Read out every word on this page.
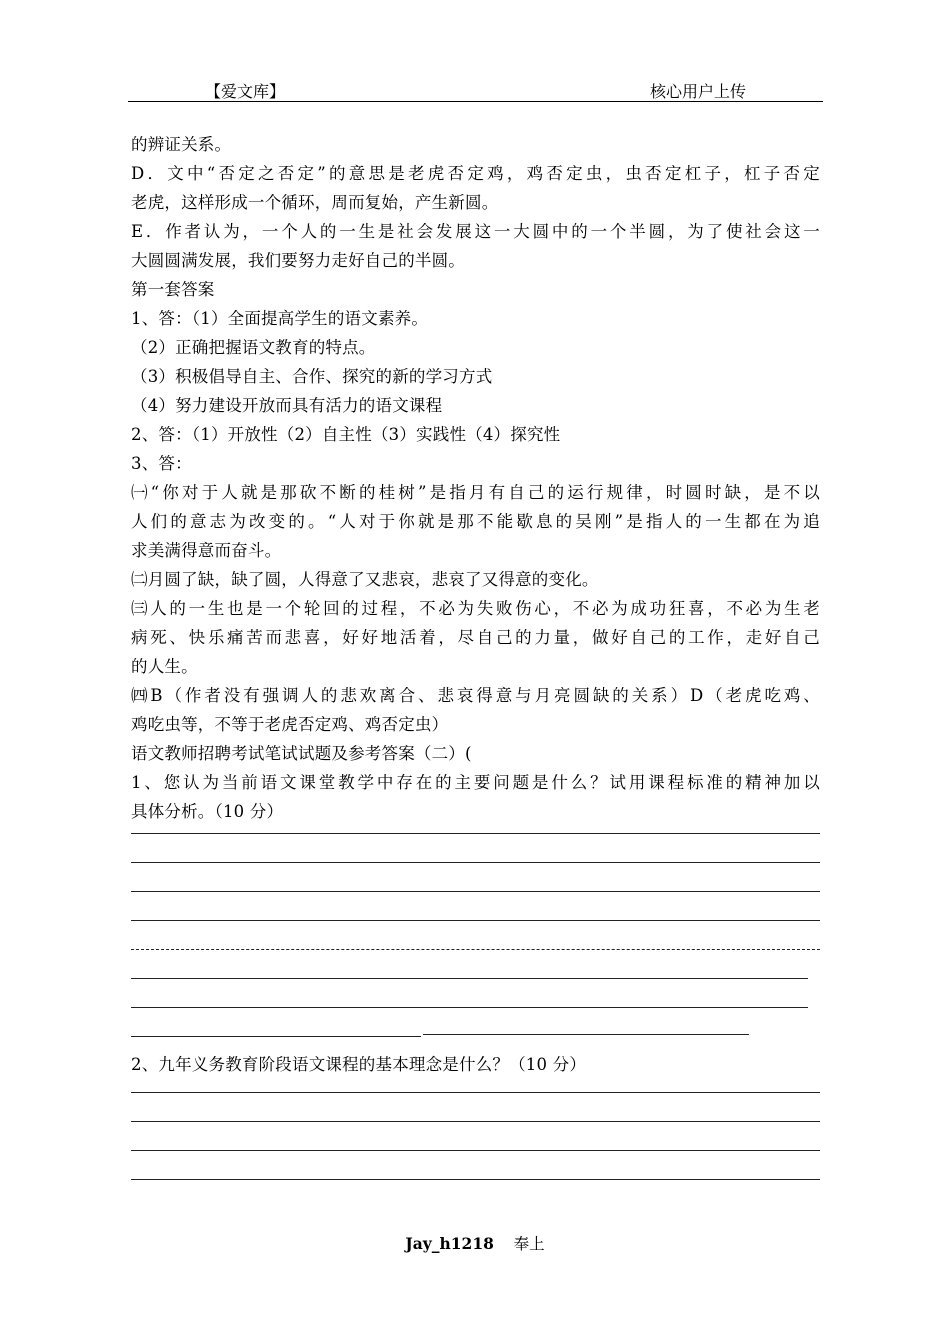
【爱文库】	核心用户上传
的辨证关系。
D．文中“否定之否定”的意思是老虎否定鸡，鸡否定虫，虫否定杠子，杠子否定
老虎，这样形成一个循环，周而复始，产生新圆。
E．作者认为，一个人的一生是社会发展这一大圆中的一个半圆，为了使社会这一
大圆圆满发展，我们要努力走好自己的半圆。
第一套答案
1、答：（1）全面提高学生的语文素养。
（2）正确把握语文教育的特点。
（3）积极倡导自主、合作、探究的新的学习方式
（4）努力建设开放而具有活力的语文课程
2、答：（1）开放性（2）自主性（3）实践性（4）探究性
3、答：
㈠“你对于人就是那砍不断的桂树”是指月有自己的运行规律，时圆时缺，是不以
人们的意志为改变的。“人对于你就是那不能歇息的吴刚”是指人的一生都在为追
求美满得意而奋斗。
㈡月圆了缺，缺了圆，人得意了又悲哀，悲哀了又得意的变化。
㈢人的一生也是一个轮回的过程，不必为失败伤心，不必为成功狂喜，不必为生老
病死、快乐痛苦而悲喜，好好地活着，尽自己的力量，做好自己的工作，走好自己
的人生。
㈣B（作者没有强调人的悲欢离合、悲哀得意与月亮圆缺的关系）D（老虎吃鸡、
鸡吃虫等，不等于老虎否定鸡、鸡否定虫）
语文教师招聘考试笔试试题及参考答案（二）(
1、您认为当前语文课堂教学中存在的主要问题是什么？试用课程标准的精神加以
具体分析。（10 分）
2、九年义务教育阶段语文课程的基本理念是什么？（10 分）
Jay_h1218 奉上
